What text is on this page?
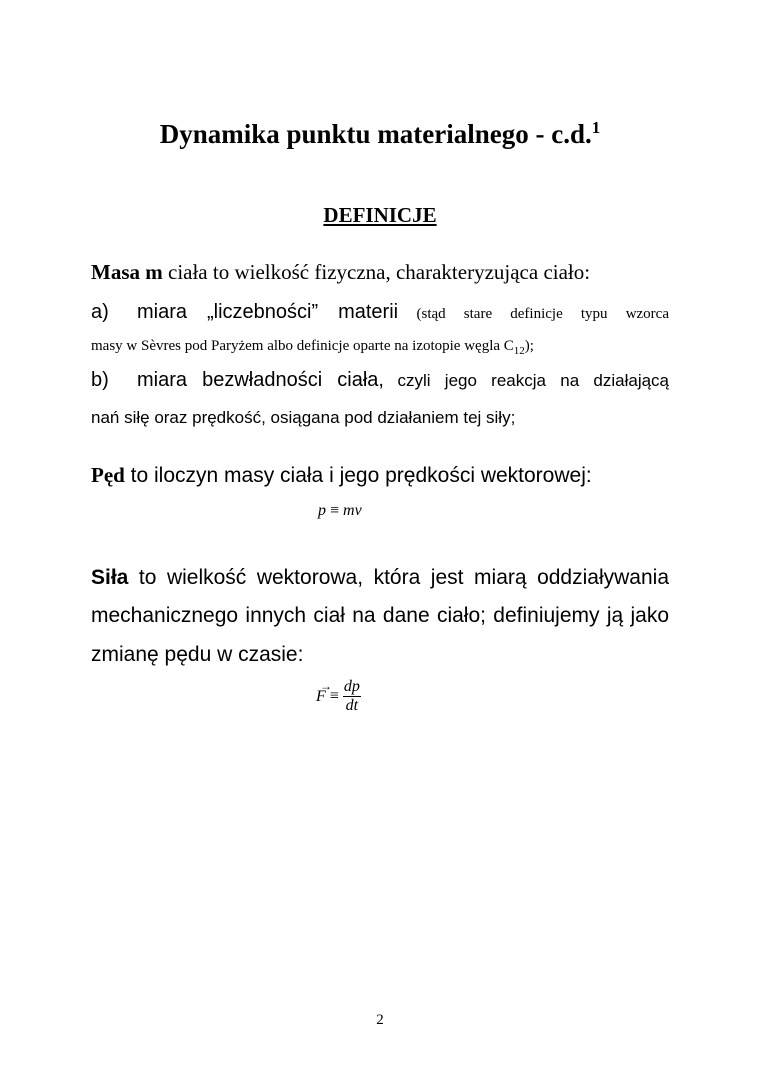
Dynamika punktu materialnego - c.d.$^1$
DEFINICJE
Masa m ciała to wielkość fizyczna, charakteryzująca ciało:
a) miara „liczebności” materii (stąd stare definicje typu wzorca
masy w Sèvres pod Paryżem albo definicje oparte na izotopie węgla $C_{12}$);
b) miara bezwładności ciała, czyli jego reakcja na działającą
nań siłę oraz prędkość, osiągana pod działaniem tej siły;
Pęd to iloczyn masy ciała i jego prędkości wektorowej:
p ≡ mv
Siła to wielkość wektorowa, która jest miarą oddziaływania
mechanicznego innych ciał na dane ciało; definiujemy ją jako
zmianę pędu w czasie:
→
$F \equiv \frac{dp}{dt}$
2
